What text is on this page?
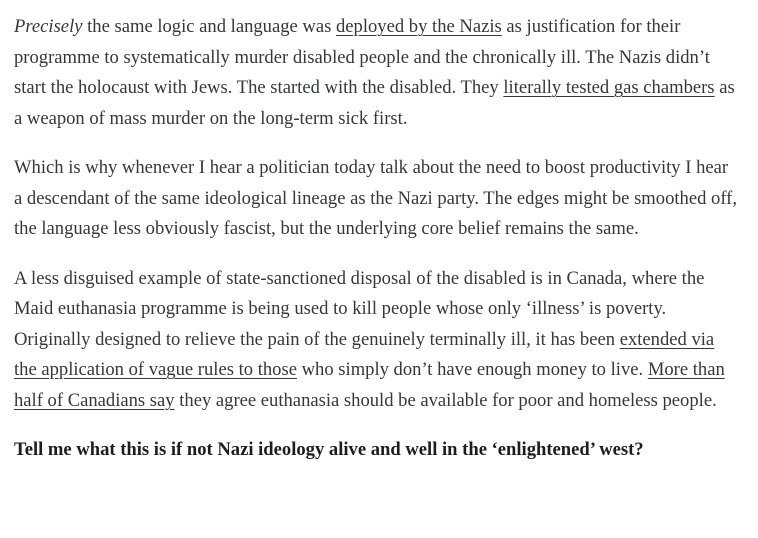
Precisely the same logic and language was deployed by the Nazis as justification for their programme to systematically murder disabled people and the chronically ill. The Nazis didn’t start the holocaust with Jews. The started with the disabled. They literally tested gas chambers as a weapon of mass murder on the long-term sick first.

Which is why whenever I hear a politician today talk about the need to boost productivity I hear a descendant of the same ideological lineage as the Nazi party. The edges might be smoothed off, the language less obviously fascist, but the underlying core belief remains the same.

A less disguised example of state-sanctioned disposal of the disabled is in Canada, where the Maid euthanasia programme is being used to kill people whose only ‘illness’ is poverty. Originally designed to relieve the pain of the genuinely terminally ill, it has been extended via the application of vague rules to those who simply don’t have enough money to live. More than half of Canadians say they agree euthanasia should be available for poor and homeless people.

Tell me what this is if not Nazi ideology alive and well in the ‘enlightened’ west?
